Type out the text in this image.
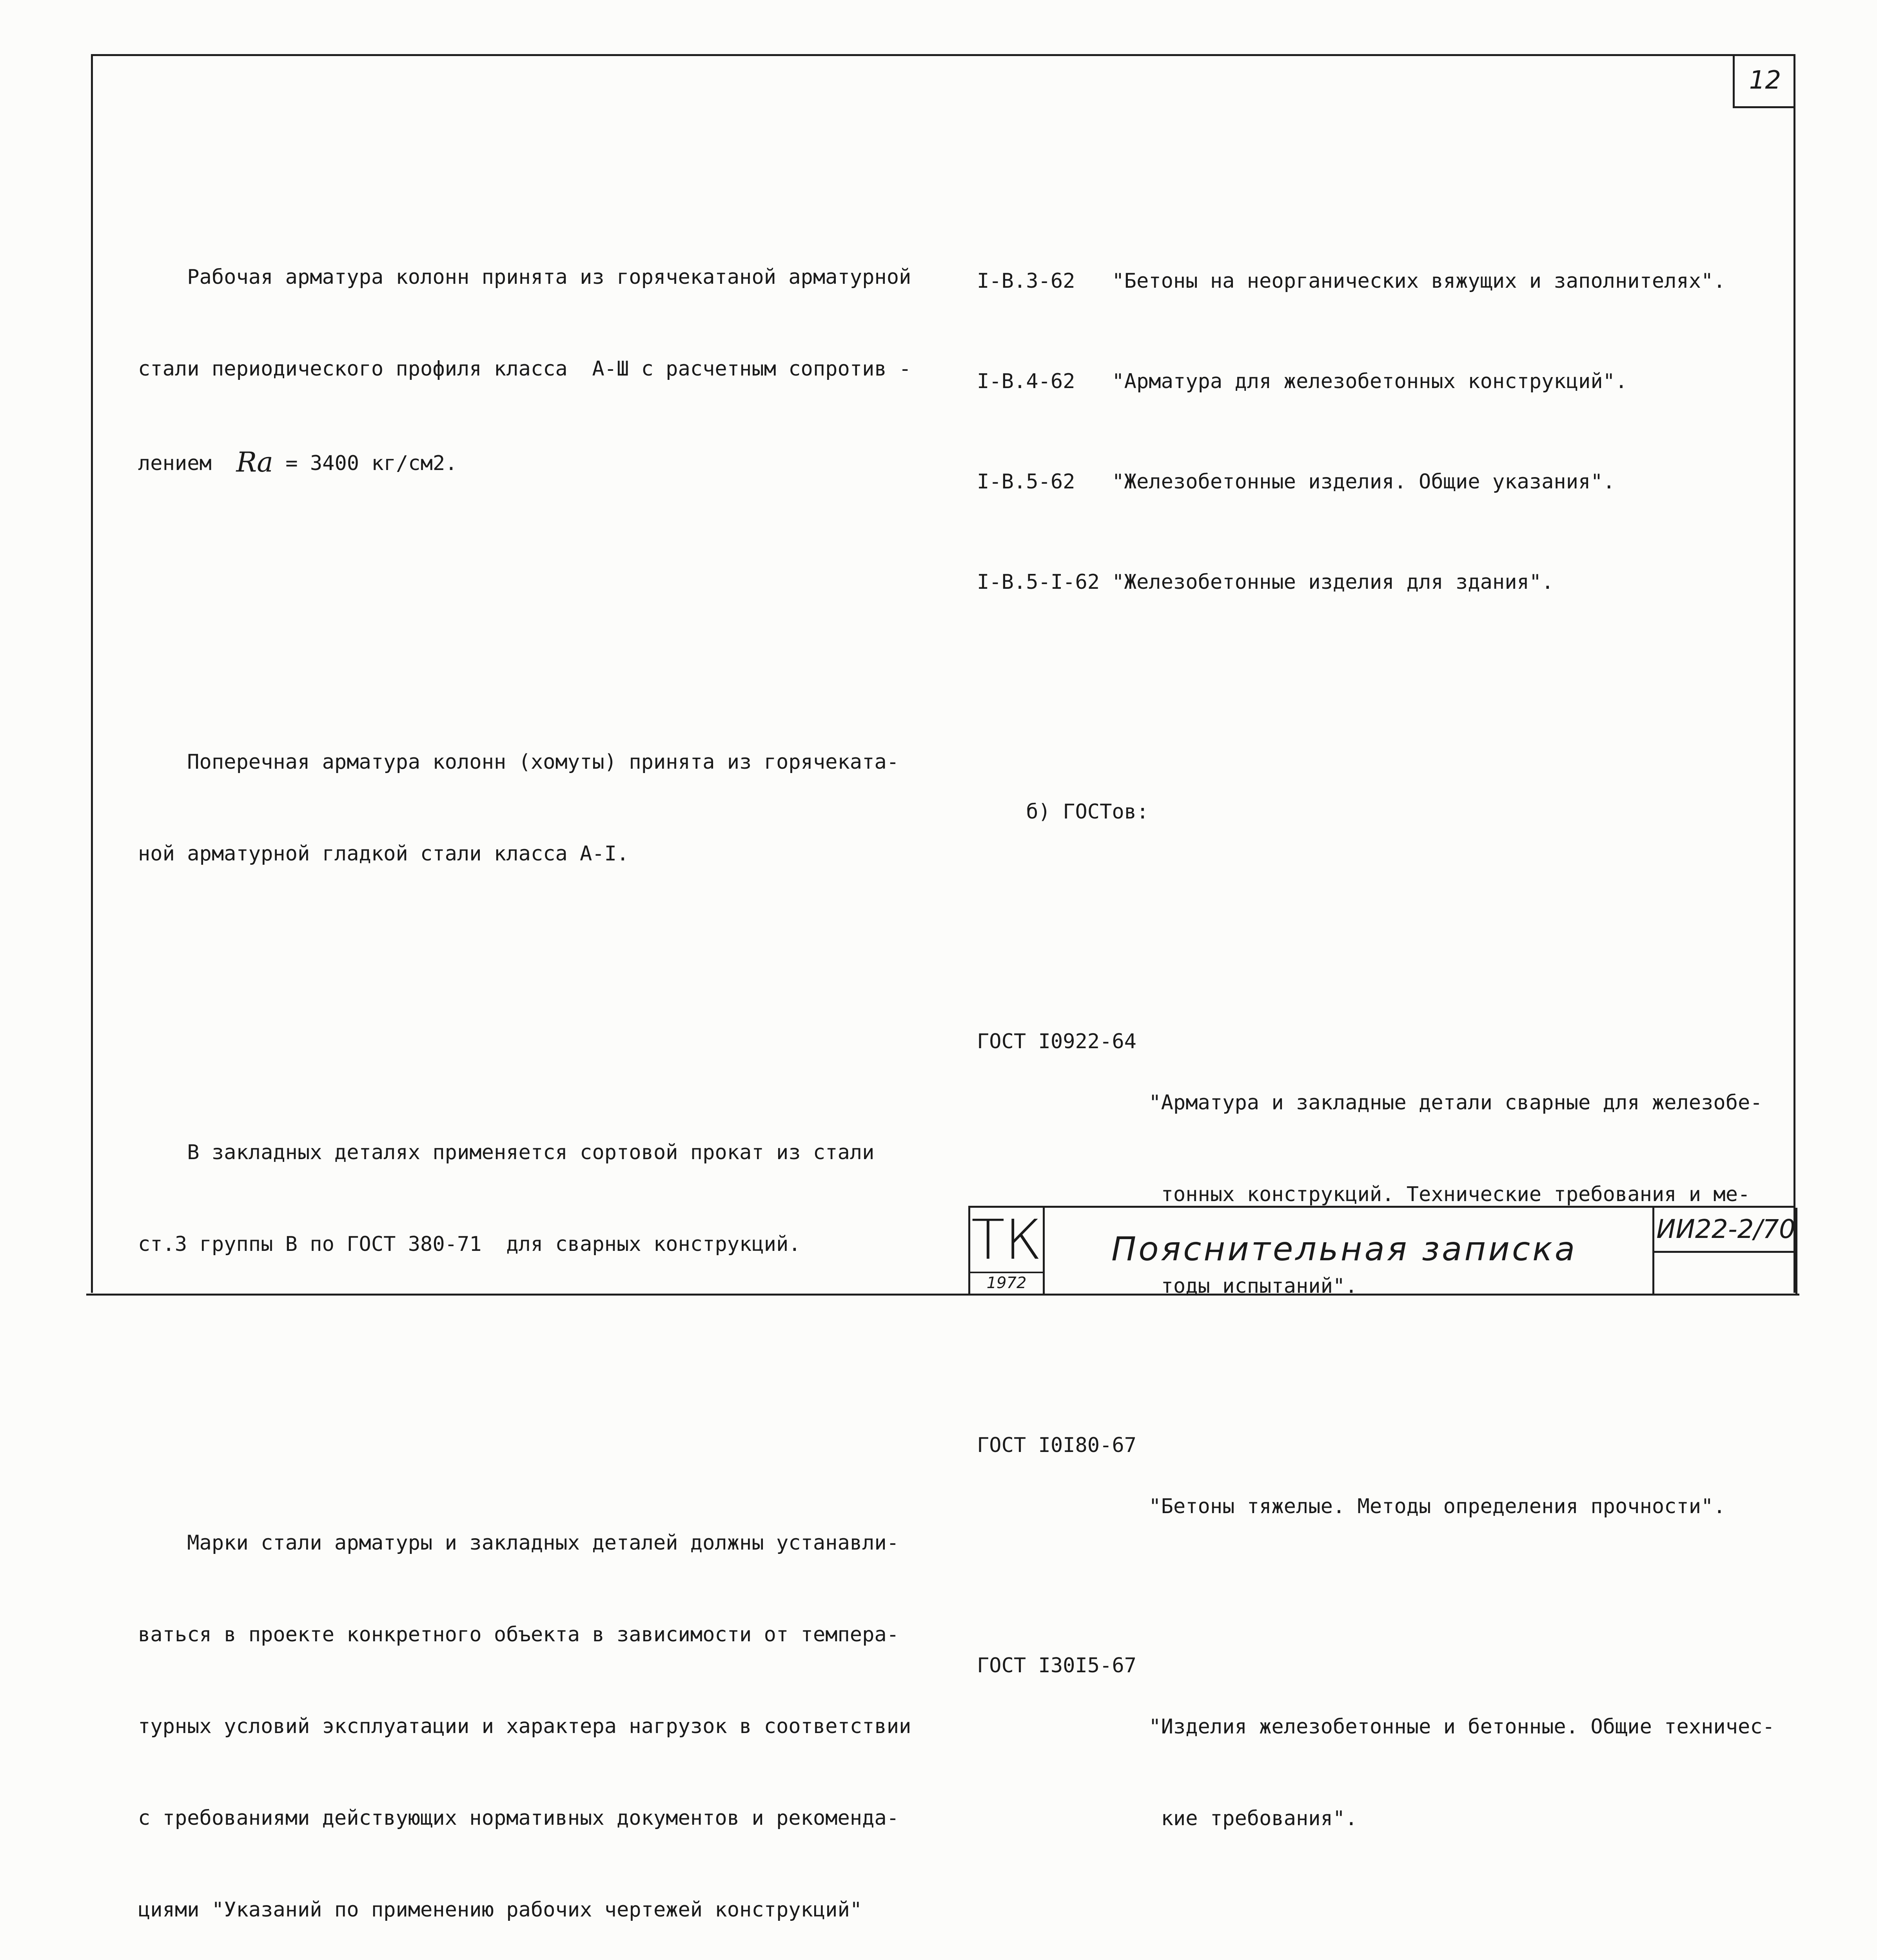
12

Рабочая арматура колонн принята из горячекатаной арматурной

стали периодического профиля класса  А-Ш с расчетным сопротив -

лением  Rа = 3400 кг/см2.

Поперечная арматура колонн (хомуты) принята из горячеката-

ной арматурной гладкой стали класса А-I.

В закладных деталях применяется сортовой прокат из стали

ст.3 группы В по ГОСТ 380-71  для сварных конструкций.

Марки стали арматуры и закладных деталей должны устанавли-

ваться в проекте конкретного объекта в зависимости от темпера-

турных условий эксплуатации и характера нагрузок в соответствии

с требованиями действующих нормативных документов и рекоменда-

циями "Указаний по применению рабочих чертежей конструкций"

I-В.3-62 "Бетоны на неорганических вяжущих и заполнителях".

I-В.4-62 "Арматура для железобетонных конструкций".

I-В.5-62 "Железобетонные изделия. Общие указания".

I-В.5-I-62 "Железобетонные изделия для здания".

б) ГОСТов:

ГОСТ I0922-64

"Арматура и закладные детали сварные для железобе-

тонных конструкций. Технические требования и ме-

тоды испытаний".

ГОСТ I0I80-67

"Бетоны тяжелые. Методы определения прочности".

ГОСТ I30I5-67

"Изделия железобетонные и бетонные. Общие техничес-

кие требования".

ТК
1972
Пояснительная записка
ИИ22-2/70
